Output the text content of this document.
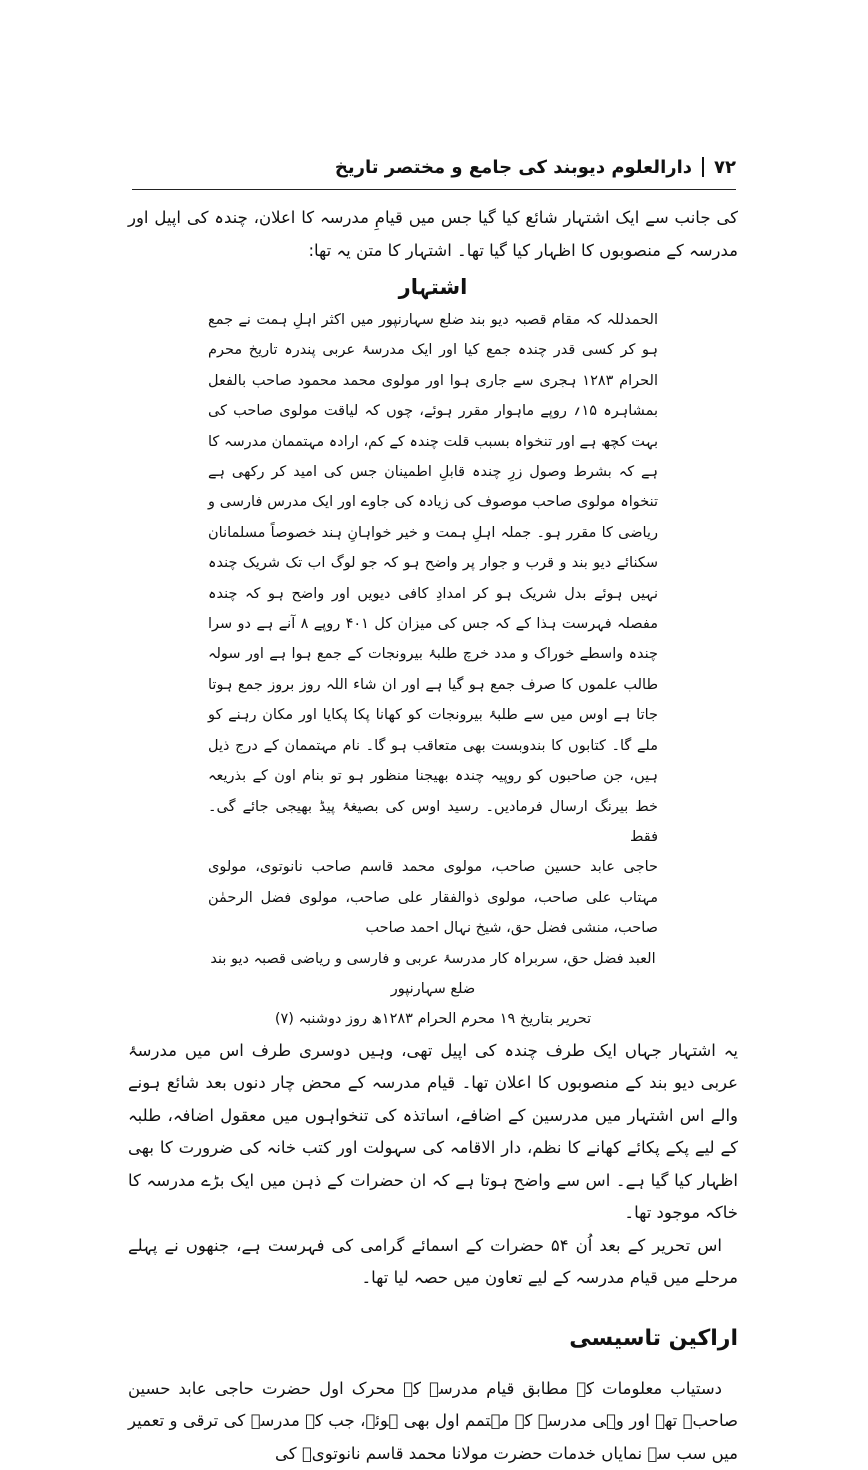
۷۲
دارالعلوم دیوبند کی جامع و مختصر تاریخ

کی جانب سے ایک اشتہار شائع کیا گیا جس میں قیامِ مدرسہ کا اعلان، چندہ کی اپیل اور مدرسہ کے منصوبوں کا اظہار کیا گیا تھا۔ اشتہار کا متن یہ تھا:

اشتہار

الحمدللہ کہ مقام قصبہ دیو بند ضلع سہارنپور میں اکثر اہلِ ہمت نے جمع ہو کر کسی قدر چندہ جمع کیا اور ایک مدرسۂ عربی پندرہ تاریخ محرم الحرام ۱۲۸۳ ہجری سے جاری ہوا اور مولوی محمد محمود صاحب بالفعل بمشاہرہ ۱۵؍ روپے ماہوار مقرر ہوئے، چوں کہ لیاقت مولوی صاحب کی بہت کچھ ہے اور تنخواہ بسبب قلت چندہ کے کم، ارادہ مہتممان مدرسہ کا ہے کہ بشرط وصول زرِ چندہ قابلِ اطمینان جس کی امید کر رکھی ہے تنخواہ مولوی صاحب موصوف کی زیادہ کی جاوے اور ایک مدرس فارسی و ریاضی کا مقرر ہو۔ جملہ اہلِ ہمت و خیر خواہانِ ہند خصوصاً مسلمانان سکنائے دیو بند و قرب و جوار پر واضح ہو کہ جو لوگ اب تک شریک چندہ نہیں ہوئے بدل شریک ہو کر امدادِ کافی دیویں اور واضح ہو کہ چندہ مفصلہ فہرست ہذا کے کہ جس کی میزان کل ۴۰۱ روپے ۸ آنے ہے دو سرا چندہ واسطے خوراک و مدد خرچ طلبۂ بیرونجات کے جمع ہوا ہے اور سولہ طالب علموں کا صرف جمع ہو گیا ہے اور ان شاء اللہ روز بروز جمع ہوتا جاتا ہے اوس میں سے طلبۂ بیرونجات کو کھانا پکا پکایا اور مکان رہنے کو ملے گا۔ کتابوں کا بندوبست بھی متعاقب ہو گا۔ نام مہتممان کے درج ذیل ہیں، جن صاحبوں کو روپیہ چندہ بھیجنا منظور ہو تو بنام اون کے بذریعہ خط بیرنگ ارسال فرمادیں۔ رسید اوس کی بصیغۂ پیڈ بھیجی جائے گی۔ فقط

حاجی عابد حسین صاحب، مولوی محمد قاسم صاحب نانوتوی، مولوی مہتاب علی صاحب، مولوی ذوالفقار علی صاحب، مولوی فضل الرحمٰن صاحب، منشی فضل حق، شیخ نہال احمد صاحب

العبد فضل حق، سربراہ کار مدرسۂ عربی و فارسی و ریاضی قصبہ دیو بند ضلع سہارنپور

تحریر بتاریخ ۱۹ محرم الحرام ۱۲۸۳ھ روز دوشنبہ (۷)

یہ اشتہار جہاں ایک طرف چندہ کی اپیل تھی، وہیں دوسری طرف اس میں مدرسۂ عربی دیو بند کے منصوبوں کا اعلان تھا۔ قیام مدرسہ کے محض چار دنوں بعد شائع ہونے والے اس اشتہار میں مدرسین کے اضافے، اساتذہ کی تنخواہوں میں معقول اضافہ، طلبہ کے لیے پکے پکائے کھانے کا نظم، دار الاقامہ کی سہولت اور کتب خانہ کی ضرورت کا بھی اظہار کیا گیا ہے۔ اس سے واضح ہوتا ہے کہ ان حضرات کے ذہن میں ایک بڑے مدرسہ کا خاکہ موجود تھا۔

اس تحریر کے بعد اُن ۵۴ حضرات کے اسمائے گرامی کی فہرست ہے، جنھوں نے پہلے مرحلے میں قیام مدرسہ کے لیے تعاون میں حصہ لیا تھا۔

اراکین تاسیسی

دستیاب معلومات کے مطابق قیام مدرسہ کے محرک اول حضرت حاجی عابد حسین صاحبؒ تھے اور وہی مدرسہ کے مہتمم اول بھی ہوئے، جب کہ مدرسہ کی ترقی و تعمیر میں سب سے نمایاں خدمات حضرت مولانا محمد قاسم نانوتویؒ کی
